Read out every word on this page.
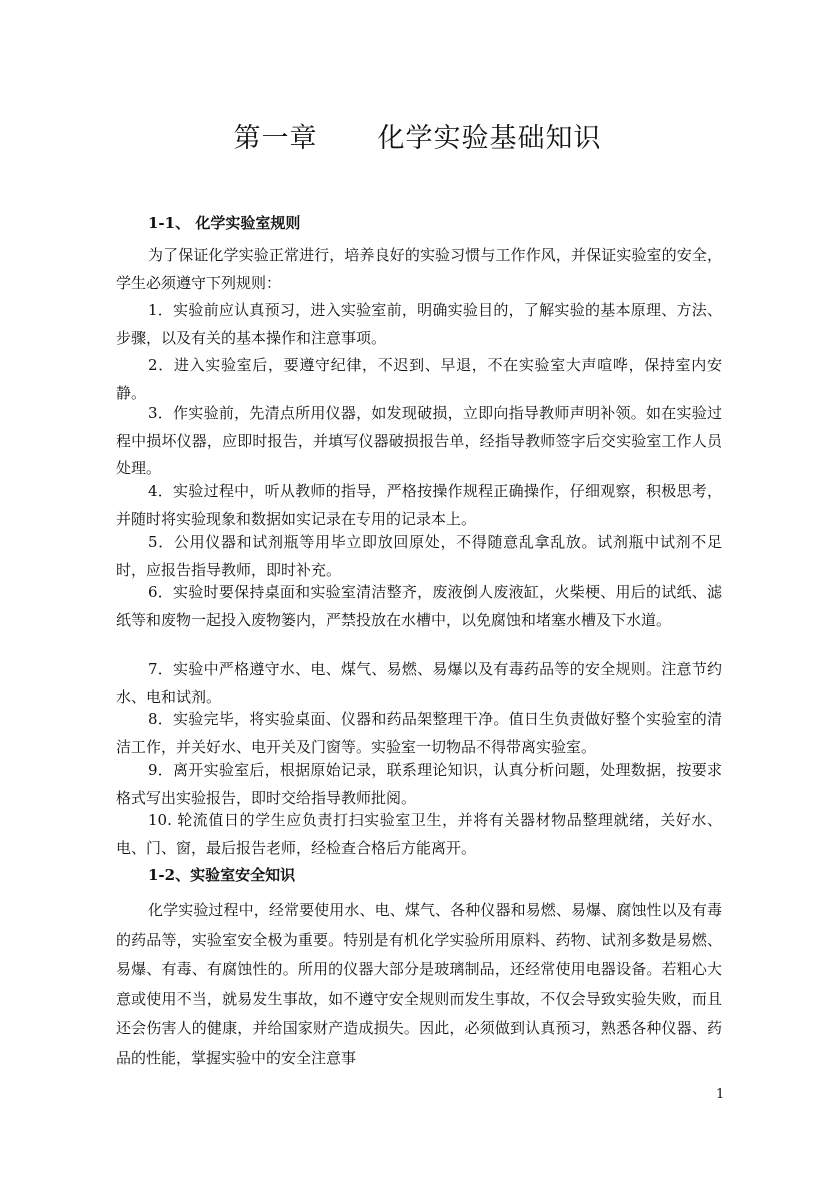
第一章 化学实验基础知识
1-1、 化学实验室规则

为了保证化学实验正常进行，培养良好的实验习惯与工作作风，并保证实验室的安全，学生必须遵守下列规则：

1．实验前应认真预习，进入实验室前，明确实验目的，了解实验的基本原理、方法、步骤，以及有关的基本操作和注意事项。

2．进入实验室后，要遵守纪律，不迟到、早退，不在实验室大声喧哗，保持室内安静。

3．作实验前，先清点所用仪器，如发现破损，立即向指导教师声明补领。如在实验过程中损坏仪器，应即时报告，并填写仪器破损报告单，经指导教师签字后交实验室工作人员处理。

4．实验过程中，听从教师的指导，严格按操作规程正确操作，仔细观察，积极思考，并随时将实验现象和数据如实记录在专用的记录本上。

5．公用仪器和试剂瓶等用毕立即放回原处，不得随意乱拿乱放。试剂瓶中试剂不足时，应报告指导教师，即时补充。

6．实验时要保持桌面和实验室清洁整齐，废液倒人废液缸，火柴梗、用后的试纸、滤纸等和废物一起投入废物篓内，严禁投放在水槽中，以免腐蚀和堵塞水槽及下水道。

7．实验中严格遵守水、电、煤气、易燃、易爆以及有毒药品等的安全规则。注意节约水、电和试剂。

8．实验完毕，将实验桌面、仪器和药品架整理干净。值日生负责做好整个实验室的清洁工作，并关好水、电开关及门窗等。实验室一切物品不得带离实验室。

9．离开实验室后，根据原始记录，联系理论知识，认真分析问题，处理数据，按要求格式写出实验报告，即时交给指导教师批阅。

10. 轮流值日的学生应负责打扫实验室卫生，并将有关器材物品整理就绪，关好水、电、门、窗，最后报告老师，经检查合格后方能离开。

1-2、实验室安全知识

化学实验过程中，经常要使用水、电、煤气、各种仪器和易燃、易爆、腐蚀性以及有毒的药品等，实验室安全极为重要。特别是有机化学实验所用原料、药物、试剂多数是易燃、易爆、有毒、有腐蚀性的。所用的仪器大部分是玻璃制品，还经常使用电器设备。若粗心大意或使用不当，就易发生事故，如不遵守安全规则而发生事故，不仅会导致实验失败，而且还会伤害人的健康，并给国家财产造成损失。因此，必须做到认真预习，熟悉各种仪器、药品的性能，掌握实验中的安全注意事

1
